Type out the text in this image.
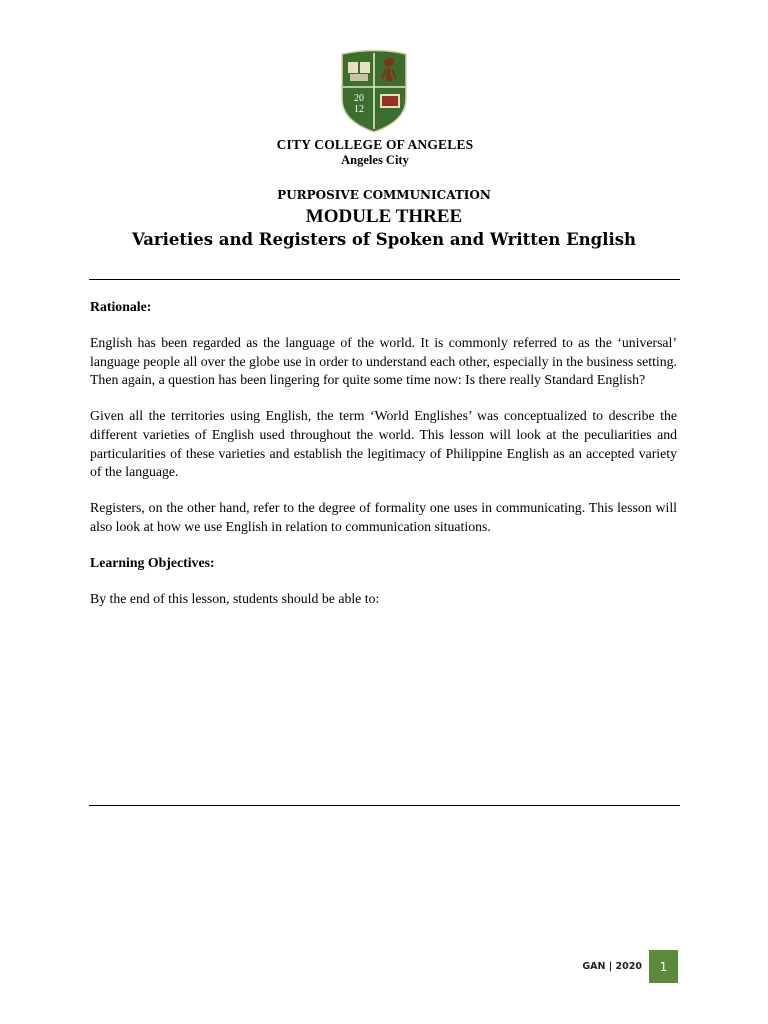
20
12
CITY COLLEGE OF ANGELES
Angeles City
PURPOSIVE COMMUNICATION
MODULE THREE
Varieties and Registers of Spoken and Written English
Rationale:

English has been regarded as the language of the world. It is commonly referred to as the ‘universal’ language people all over the globe use in order to understand each other, especially in the business setting. Then again, a question has been lingering for quite some time now: Is there really Standard English?

Given all the territories using English, the term ‘World Englishes’ was conceptualized to describe the different varieties of English used throughout the world. This lesson will look at the peculiarities and particularities of these varieties and establish the legitimacy of Philippine English as an accepted variety of the language.

Registers, on the other hand, refer to the degree of formality one uses in communicating. This lesson will also look at how we use English in relation to communication situations.

Learning Objectives:

By the end of this lesson, students should be able to:

GAN | 2020 1
